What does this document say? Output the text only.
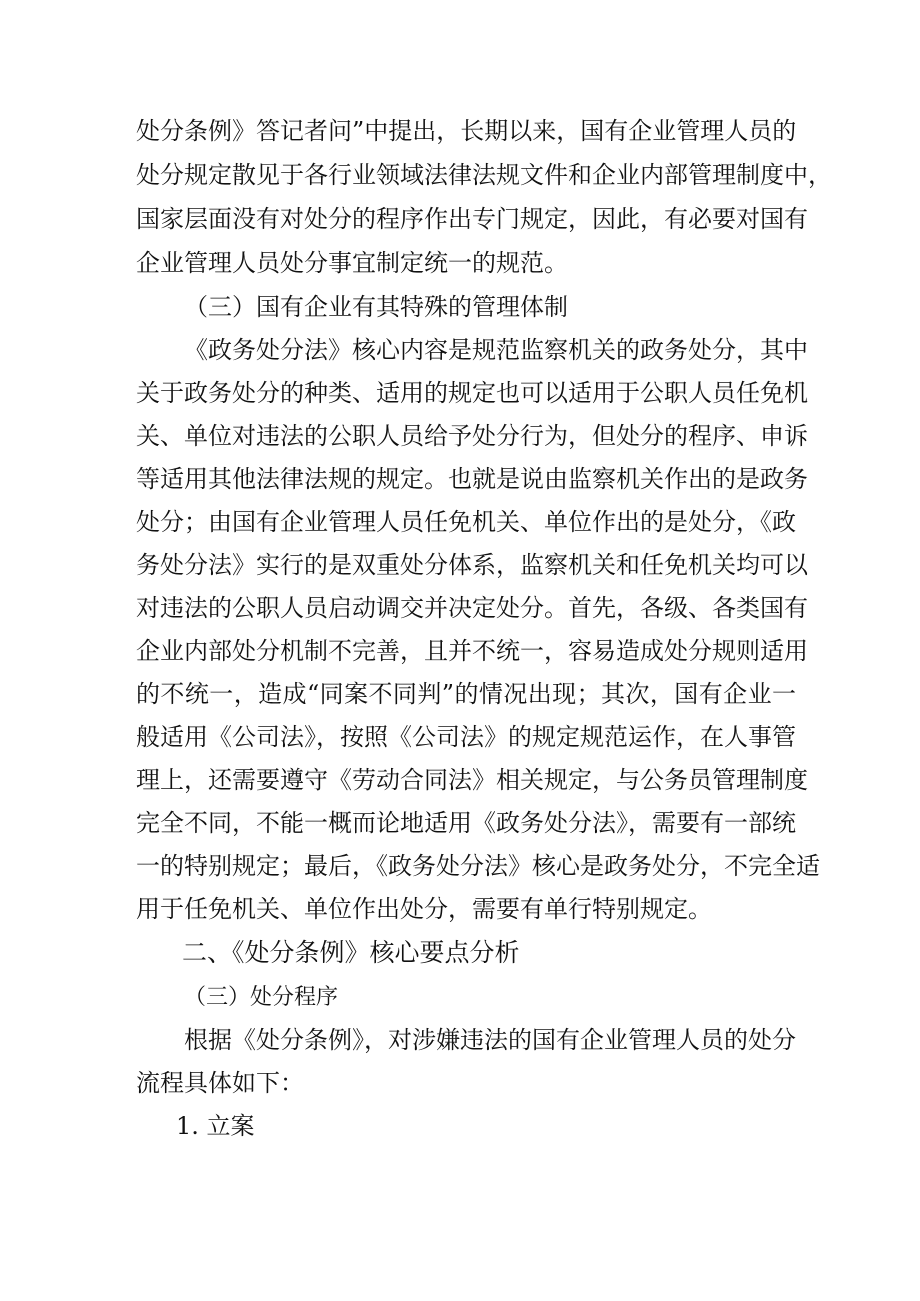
处分条例》答记者问”中提出，长期以来，国有企业管理人员的
处分规定散见于各行业领域法律法规文件和企业内部管理制度中，
国家层面没有对处分的程序作出专门规定，因此，有必要对国有
企业管理人员处分事宜制定统一的规范。
（三）国有企业有其特殊的管理体制
《政务处分法》核心内容是规范监察机关的政务处分，其中
关于政务处分的种类、适用的规定也可以适用于公职人员任免机
关、单位对违法的公职人员给予处分行为，但处分的程序、申诉
等适用其他法律法规的规定。也就是说由监察机关作出的是政务
处分；由国有企业管理人员任免机关、单位作出的是处分，《政
务处分法》实行的是双重处分体系，监察机关和任免机关均可以
对违法的公职人员启动调交并决定处分。首先，各级、各类国有
企业内部处分机制不完善，且并不统一，容易造成处分规则适用
的不统一，造成“同案不同判”的情况出现；其次，国有企业一
般适用《公司法》，按照《公司法》的规定规范运作，在人事管
理上，还需要遵守《劳动合同法》相关规定，与公务员管理制度
完全不同，不能一概而论地适用《政务处分法》，需要有一部统
一的特别规定；最后，《政务处分法》核心是政务处分，不完全适
用于任免机关、单位作出处分，需要有单行特别规定。
二、《处分条例》核心要点分析
（三）处分程序
根据《处分条例》，对涉嫌违法的国有企业管理人员的处分
流程具体如下：
1. 立案
